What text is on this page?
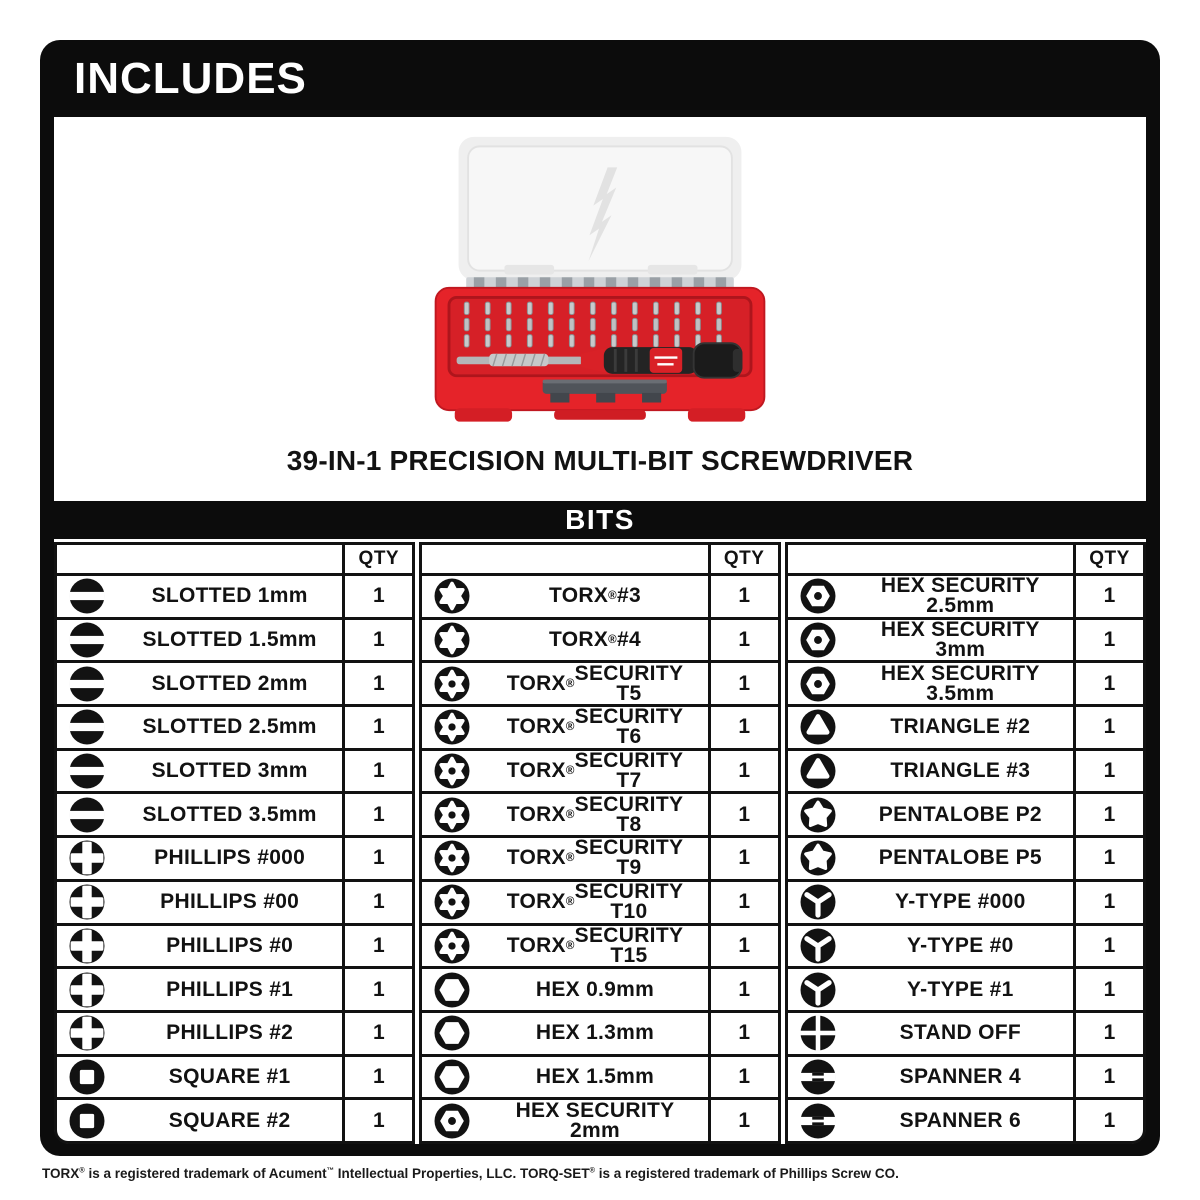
INCLUDES
39-IN-1 PRECISION MULTI-BIT SCREWDRIVER
BITS
QTY
SLOTTED 1mm	1
SLOTTED 1.5mm	1
SLOTTED 2mm	1
SLOTTED 2.5mm	1
SLOTTED 3mm	1
SLOTTED 3.5mm	1
PHILLIPS #000	1
PHILLIPS #00	1
PHILLIPS #0	1
PHILLIPS #1	1
PHILLIPS #2	1
SQUARE #1	1
SQUARE #2	1
QTY
TORX ® #3	1
TORX ® #4	1
TORX ® SECURITY
T5	1
TORX ® SECURITY
T6	1
TORX ® SECURITY
T7	1
TORX ® SECURITY
T8	1
TORX ® SECURITY
T9	1
TORX ® SECURITY
T10	1
TORX ® SECURITY
T15	1
HEX 0.9mm	1
HEX 1.3mm	1
HEX 1.5mm	1
HEX SECURITY
2mm	1
QTY
HEX SECURITY
2.5mm	1
HEX SECURITY
3mm	1
HEX SECURITY
3.5mm	1
TRIANGLE #2	1
TRIANGLE #3	1
PENTALOBE P2	1
PENTALOBE P5	1
Y-TYPE #000	1
Y-TYPE #0	1
Y-TYPE #1	1
STAND OFF	1
SPANNER 4	1
SPANNER 6	1
TORX® is a registered trademark of Acument™ Intellectual Properties, LLC. TORQ-SET® is a registered trademark of Phillips Screw CO.
